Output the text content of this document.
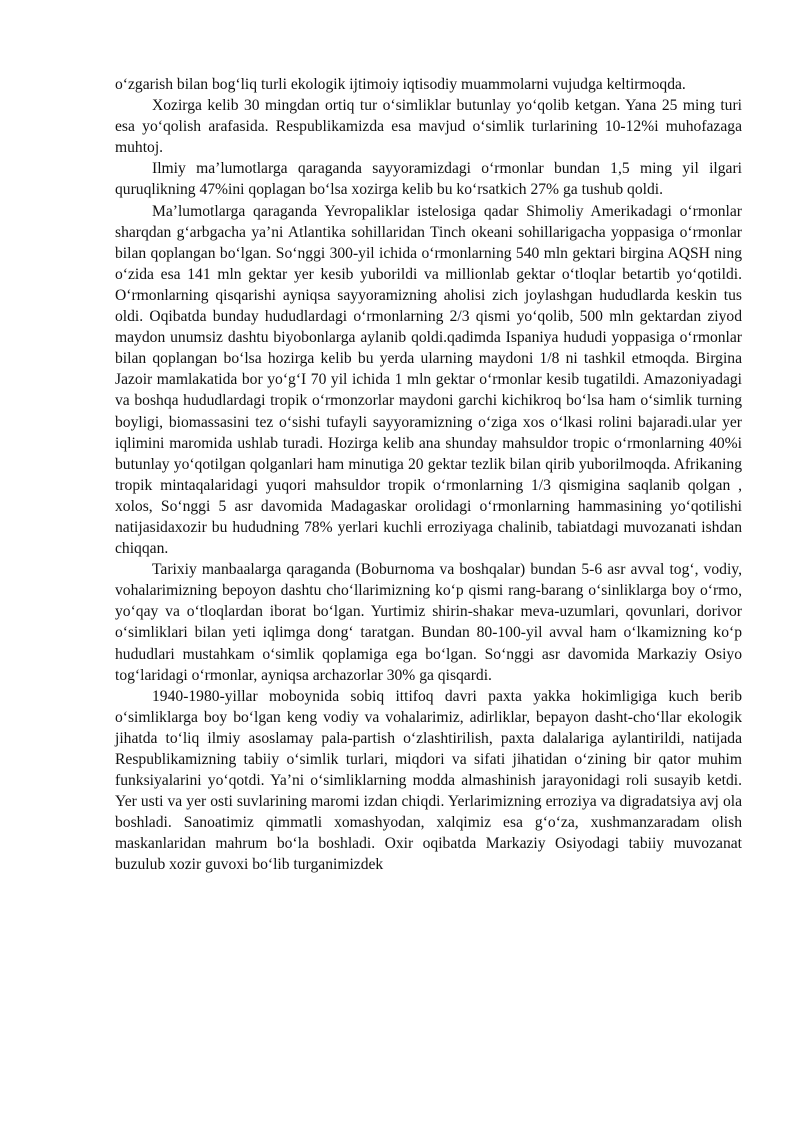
o‘zgarish bilan bog‘liq turli ekologik ijtimoiy iqtisodiy muammolarni vujudga keltirmoqda.

Xozirga kelib 30 mingdan ortiq tur o‘simliklar butunlay yo‘qolib ketgan. Yana 25 ming turi esa yo‘qolish arafasida. Respublikamizda esa mavjud o‘simlik turlarining 10-12%i muhofazaga muhtoj.

Ilmiy ma’lumotlarga qaraganda sayyoramizdagi o‘rmonlar bundan 1,5 ming yil ilgari quruqlikning 47%ini qoplagan bo‘lsa xozirga kelib bu ko‘rsatkich 27% ga tushub qoldi.

Ma’lumotlarga qaraganda Yevropaliklar istelosiga qadar Shimoliy Amerikadagi o‘rmonlar sharqdan g‘arbgacha ya’ni Atlantika sohillaridan Tinch okeani sohillarigacha yoppasiga o‘rmonlar bilan qoplangan bo‘lgan. So‘nggi 300-yil ichida o‘rmonlarning 540 mln gektari birgina AQSH ning o‘zida esa 141 mln gektar yer kesib yuborildi va millionlab gektar o‘tloqlar betartib yo‘qotildi. O‘rmonlarning qisqarishi ayniqsa sayyoramizning aholisi zich joylashgan hududlarda keskin tus oldi. Oqibatda bunday hududlardagi o‘rmonlarning 2/3 qismi yo‘qolib, 500 mln gektardan ziyod maydon unumsiz dashtu biyobonlarga aylanib qoldi.qadimda Ispaniya hududi yoppasiga o‘rmonlar bilan qoplangan bo‘lsa hozirga kelib bu yerda ularning maydoni 1/8 ni tashkil etmoqda. Birgina Jazoir mamlakatida bor yo‘g‘I 70 yil ichida 1 mln gektar o‘rmonlar kesib tugatildi. Amazoniyadagi va boshqa hududlardagi tropik o‘rmonzorlar maydoni garchi kichikroq bo‘lsa ham o‘simlik turning boyligi, biomassasini tez o‘sishi tufayli sayyoramizning o‘ziga xos o‘lkasi rolini bajaradi.ular yer iqlimini maromida ushlab turadi. Hozirga kelib ana shunday mahsuldor tropic o‘rmonlarning 40%i butunlay yo‘qotilgan qolganlari ham minutiga 20 gektar tezlik bilan qirib yuborilmoqda. Afrikaning tropik mintaqalaridagi yuqori mahsuldor tropik o‘rmonlarning 1/3 qismigina saqlanib qolgan , xolos, So‘nggi 5 asr davomida Madagaskar orolidagi o‘rmonlarning hammasining yo‘qotilishi natijasidaxozir bu hududning 78% yerlari kuchli erroziyaga chalinib, tabiatdagi muvozanati ishdan chiqqan.

Tarixiy manbaalarga qaraganda (Boburnoma va boshqalar) bundan 5-6 asr avval tog‘, vodiy, vohalarimizning bepoyon dashtu cho‘llarimizning ko‘p qismi rang-barang o‘sinliklarga boy o‘rmo, yo‘qay va o‘tloqlardan iborat bo‘lgan. Yurtimiz shirin-shakar meva-uzumlari, qovunlari, dorivor o‘simliklari bilan yeti iqlimga dong‘ taratgan. Bundan 80-100-yil avval ham o‘lkamizning ko‘p hududlari mustahkam o‘simlik qoplamiga ega bo‘lgan. So‘nggi asr davomida Markaziy Osiyo tog‘laridagi o‘rmonlar, ayniqsa archazorlar 30% ga qisqardi.

1940-1980-yillar moboynida sobiq ittifoq davri paxta yakka hokimligiga kuch berib o‘simliklarga boy bo‘lgan keng vodiy va vohalarimiz, adirliklar, bepayon dasht-cho‘llar ekologik jihatda to‘liq ilmiy asoslamay pala-partish o‘zlashtirilish, paxta dalalariga aylantirildi, natijada Respublikamizning tabiiy o‘simlik turlari, miqdori va sifati jihatidan o‘zining bir qator muhim funksiyalarini yo‘qotdi. Ya’ni o‘simliklarning modda almashinish jarayonidagi roli susayib ketdi. Yer usti va yer osti suvlarining maromi izdan chiqdi. Yerlarimizning erroziya va digradatsiya avj ola boshladi. Sanoatimiz qimmatli xomashyodan, xalqimiz esa g‘o‘za, xushmanzaradam olish maskanlaridan mahrum bo‘la boshladi. Oxir oqibatda Markaziy Osiyodagi tabiiy muvozanat buzulub xozir guvoxi bo‘lib turganimizdek
